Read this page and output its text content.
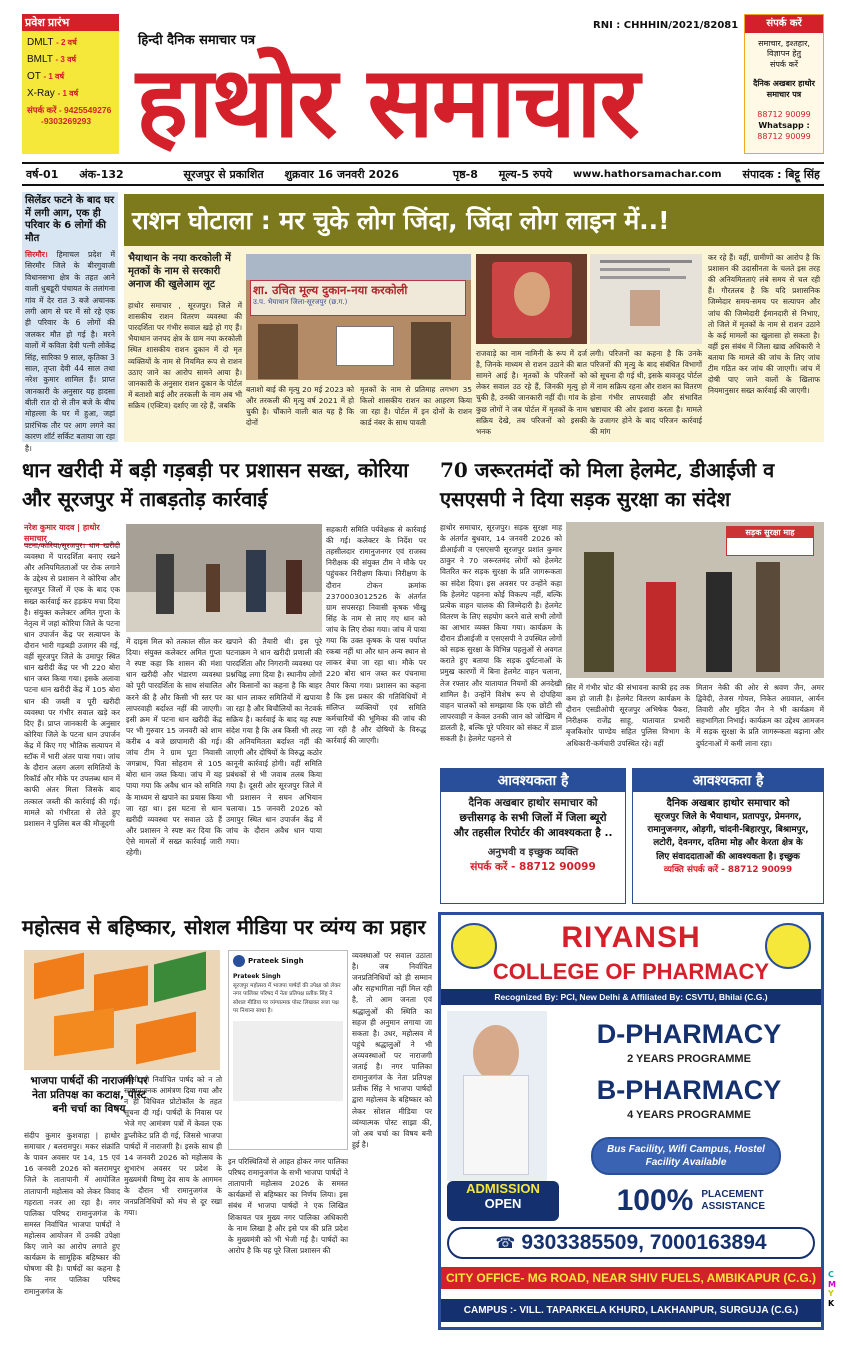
प्रवेश प्रारंभ
DMLT - 2 वर्ष
BMLT - 3 वर्ष
OT - 1 वर्ष
X-Ray - 1 वर्ष
संपर्क करें - 9425549276
-9303269293
हिन्दी दैनिक समाचार पत्र
RNI : CHHHIN/2021/82081
हाथोर समाचार
संपर्क करें
समाचार, इश्तहार,
विज्ञापन हेतु
संपर्क करें
दैनिक अखबार हाथोर
समाचार पत्र
88712 90099
Whatsapp :
88712 90099
वर्ष-01 अंक-132	सूरजपुर से प्रकाशित शुक्रवार 16 जनवरी 2026	पृष्ठ-8 मूल्य-5 रुपये www.hathorsamachar.com संपादक : बिट्टू सिंह
सिलेंडर फटने के बाद घर में लगी आग, एक ही परिवार के 6 लोगों की मौत
सिरमौर। हिमाचल प्रदेश में सिरमौर जिले के बीरगुवाजी विधानसभा क्षेत्र के तहत आने वाली धुबडूरी पंचायत के तलांगना गांव में देर रात 3 बजे अचानक लगी आग से घर में सो रहे एक ही परिवार के 6 लोगों की जलकर मौत हो गई है। मरने वालों में कविता देवी पत्नी लोकेंद्र सिंह, सारिका 9 साल, कृतिका 3 साल, तृप्ता देवी 44 साल तथा नरेश कुमार शामिल हैं। प्राप्त जानकारी के अनुसार यह हादसा बीती रात दो से तीन बजे के बीच मोहल्ला के घर में हुआ, जहां प्रारंभिक तौर पर आग लगने का कारण शॉर्ट सर्किट बताया जा रहा है।
राशन घोटाला : मर चुके लोग जिंदा, जिंदा लोग लाइन में..!
भैयाथान के नया करकोली में मृतकों के नाम से सरकारी अनाज की खुलेआम लूट	शा. उचित मूल्य दुकान-नया करकोली
उ.प. भैयाथान जिला-सूरजपुर (छ.ग.)
हाथोर समाचार , सूरजपुर। जिले में शासकीय राशन वितरण व्यवस्था की पारदर्शिता पर गंभीर सवाल खड़े हो गए हैं। भैयाथान जनपद क्षेत्र के ग्राम नया करकोली स्थित शासकीय राशन दुकान में दो मृत व्यक्तियों के नाम से नियमित रूप से राशन उठाए जाने का आरोप सामने आया है। जानकारी के अनुसार राशन दुकान के पोर्टल में बताशो बाई और तरकली के नाम अब भी सक्रिय (एक्टिव) दर्शाए जा रहे हैं, जबकि
बताशो बाई की मृत्यु 20 मई 2023 को और तरकली की मृत्यु वर्ष 2021 में हो चुकी है। चौंकाने वाली बात यह है कि दोनों
मृतकों के नाम से प्रतिमाह लगभग 35 किलो शासकीय राशन का आहरण किया जा रहा है। पोर्टल में इन दोनों के राशन कार्ड नंबर के साथ पावती
राजवाड़े का नाम नामिनी के रूप में दर्ज है, जिनके माध्यम से राशन उठाने की बात सामने आई है। मृतकों के परिजनों को लेकर सवाल उठ रहे हैं, जिनकी मृत्यु हो चुकी है, उनकी जानकारी नहीं दी। गांव के कुछ लोगों ने जब पोर्टल में मृतकों के नाम सक्रिय देखे, तब परिजनों को इसकी भनक
लगी। परिजनों का कहना है कि उनके परिजनों की मृत्यु के बाद संबंधित विभागों को सूचना दी गई थी, इसके बावजूद पोर्टल में नाम सक्रिय रहना और राशन का वितरण होना गंभीर लापरवाही और संभावित भ्रष्टाचार की ओर इशारा करता है। मामले के उजागर होने के बाद परिजन कार्रवाई की मांग
कर रहे हैं। वहीं, ग्रामीणों का आरोप है कि प्रशासन की उदासीनता के चलते इस तरह की अनियमितताएं लंबे समय से चल रही हैं। गौरतलब है कि यदि प्रशासनिक जिम्मेदार समय-समय पर सत्यापन और जांच की जिम्मेदारी ईमानदारी से निभाए, तो जिले में मृतकों के नाम से राशन उठाने के कई मामलों का खुलासा हो सकता है। वहीं इस संबंध में जिला खाद्य अधिकारी ने बताया कि मामले की जांच के लिए जांच टीम गठित कर जांच की जाएगी। जांच में दोषी पाए जाने वालों के खिलाफ नियमानुसार सख्त कार्रवाई की जाएगी।
धान खरीदी में बड़ी गड़बड़ी पर प्रशासन सख्त, कोरिया और सूरजपुर में ताबड़तोड़ कार्रवाई
नरेश कुमार यादव | हाथोर समाचार
पटना/कोरिया/सूरजपुर। धान खरीदी व्यवस्था में पारदर्शिता बनाए रखने और अनियमितताओं पर रोक लगाने के उद्देश्य से प्रशासन ने कोरिया और सूरजपुर जिलों में एक के बाद एक सख्त कार्रवाई कर हड़कंप मचा दिया है। संयुक्त कलेक्टर अमित गुप्ता के नेतृत्व में जहां कोरिया जिले के पटना धान उपार्जन केंद्र पर सत्यापन के दौरान भारी गड़बड़ी उजागर की गई, वहीं सूरजपुर जिले के उमापुर स्थित धान खरीदी केंद्र पर भी 220 बोरा धान जब्त किया गया। इसके अलावा पटना धान खरीदी केंद्र में 105 बोरा धान की जब्ती व पूरी खरीदी व्यवस्था पर गंभीर सवाल खड़े कर दिए हैं। प्राप्त जानकारी के अनुसार कोरिया जिले के पटना धान उपार्जन केंद्र में किए गए भौतिक सत्यापन में स्टॉक में भारी अंतर पाया गया। जांच के दौरान अलग अलग समितियों के रिकॉर्ड और मौके पर उपलब्ध धान में काफी अंतर मिला जिसके बाद तत्काल जब्ती की कार्रवाई की गई। मामले को गंभीरता से लेते हुए प्रशासन ने पुलिस बल की मौजूदगी
में दाइस मिल को तत्काल सील कर दिया। संयुक्त कलेक्टर अमित गुप्ता ने स्पष्ट कहा कि शासन की मंशा धान खरीदी और भंडारण व्यवस्था को पूरी पारदर्शिता के साथ संचालित करने की है और किसी भी स्तर पर लापरवाही बर्दाश्त नहीं की जाएगी। इसी क्रम में पटना धान खरीदी केंद्र पर भी गुरुवार 15 जनवरी को शाम करीब 4 बजे छापामारी की गई। जांच टीम ने ग्राम पूटा निवासी जगन्नाथ, पिता सोहराम से 105 बोरा धान जब्त किया। जांच में यह पाया गया कि अवैध धान को समिति के माध्यम से खपाने का प्रयास किया जा रहा था। इस घटना से धान खरीदी व्यवस्था पर सवाल उठे हैं और प्रशासन ने स्पष्ट कर दिया कि ऐसे मामलों में सख्त कार्रवाई जारी रहेगी।
खपाने की तैयारी थी। इस पूरे घटनाक्रम ने धान खरीदी प्रणाली की पारदर्शिता और निगरानी व्यवस्था पर प्रश्नचिह्न लगा दिया है। स्थानीय लोगों और किसानों का कहना है कि बाहर का धान लाकर समितियों में खपाया जा रहा है और बिचौलियों का नेटवर्क सक्रिय है। कार्रवाई के बाद यह स्पष्ट संदेश गया है कि अब किसी भी तरह की अनियमितता बर्दाश्त नहीं की जाएगी और दोषियों के विरुद्ध कठोर कानूनी कार्रवाई होगी। वहीं समिति प्रबंधकों से भी जवाब तलब किया गया है। दूसरी ओर सूरजपुर जिले में भी प्रशासन ने सघन अभियान चलाया। 15 जनवरी 2026 को उमापुर स्थित धान उपार्जन केंद्र में जांच के दौरान अवैध धान पाया गया।
सहकारी समिति पर्यवेक्षक से कार्रवाई की गई। कलेक्टर के निर्देश पर तहसीलदार रामानुजनगर एवं राजस्व निरीक्षक की संयुक्त टीम ने मौके पर पहुंचकर निरीक्षण किया। निरीक्षण के दौरान टोकन क्रमांक 2370003012526 के अंतर्गत ग्राम सपसरहा निवासी कृषक भीखु सिंह के नाम से लाए गए धान को जांच के लिए रोका गया। जांच में पाया गया कि उक्त कृषक के पास पर्याप्त रकबा नहीं था और धान अन्य स्थान से लाकर बेचा जा रहा था। मौके पर 220 बोरा धान जब्त कर पंचनामा तैयार किया गया। प्रशासन का कहना है कि इस प्रकार की गतिविधियों में संलिप्त व्यक्तियों एवं समिति कर्मचारियों की भूमिका की जांच की जा रही है और दोषियों के विरुद्ध कार्रवाई की जाएगी।
70 जरूरतमंदों को मिला हेलमेट, डीआईजी व एसएसपी ने दिया सड़क सुरक्षा का संदेश
हाथोर समाचार, सूरजपुर। सड़क सुरक्षा माह के अंतर्गत बुधवार, 14 जनवरी 2026 को डीआईजी व एसएसपी सूरजपुर प्रशांत कुमार ठाकुर ने 70 जरूरतमंद लोगों को हेलमेट वितरित कर सड़क सुरक्षा के प्रति जागरूकता का संदेश दिया। इस अवसर पर उन्होंने कहा कि हेलमेट पहनना कोई विकल्प नहीं, बल्कि प्रत्येक वाहन चालक की जिम्मेदारी है। हेलमेट वितरण के लिए सहयोग करने वाले सभी लोगों का आभार व्यक्त किया गया। कार्यक्रम के दौरान डीआईजी व एसएसपी ने उपस्थित लोगों को सड़क सुरक्षा के विभिन्न पहलुओं से अवगत कराते हुए बताया कि सड़क दुर्घटनाओं के प्रमुख कारणों में बिना हेलमेट वाहन चलाना, तेज रफ्तार और यातायात नियमों की अनदेखी शामिल है। उन्होंने विशेष रूप से दोपहिया वाहन चालकों को समझाया कि एक छोटी सी लापरवाही न केवल उनकी जान को जोखिम में डालती है, बल्कि पूरे परिवार को संकट में डाल सकती है। हेलमेट पहनने से
सड़क सुरक्षा माह
सिर में गंभीर चोट की संभावना काफी हद तक कम हो जाती है। हेलमेट वितरण कार्यक्रम के दौरान एसडीओपी सूरजपुर अभिषेक पैकरा, निरीक्षक राजेंद्र साहू, यातायात प्रभारी बृजकिशोर पाण्डेय सहित पुलिस विभाग के अधिकारी-कर्मचारी उपस्थित रहे। वहीं
मितान नेकी की ओर से श्रवण जैन, अमर द्विवेदी, तेजस गोयल, निकेत अग्रवाल, आर्यन तिवारी और मुदित जैन ने भी कार्यक्रम में सहभागिता निभाई। कार्यक्रम का उद्देश्य आमजन में सड़क सुरक्षा के प्रति जागरूकता बढ़ाना और दुर्घटनाओं में कमी लाना रहा।
आवश्यकता है
दैनिक अखबार हाथोर समाचार को
छत्तीसगढ़ के सभी जिलों में जिला ब्यूरो
और तहसील रिपोर्टर की आवश्यकता है ..
अनुभवी व इच्छुक व्यक्ति
संपर्क करें - 88712 90099
आवश्यकता है
दैनिक अखबार हाथोर समाचार को
सूरजपुर जिले के भैयाथान, प्रतापपुर, प्रेमनगर,
रामानुजनगर, ओड़गी, चांदनी-बिहारपुर, बिश्रामपुर,
लटोरी, देवनगर, दतिमा मोड़ और केरता क्षेत्र के
लिए संवाददाताओं की आवश्यकता है। इच्छुक
व्यक्ति संपर्क करें - 88712 90099
महोत्सव से बहिष्कार, सोशल मीडिया पर व्यंग्य का प्रहार
भाजपा पार्षदों की नाराजगी पर नेता प्रतिपक्ष का कटाक्ष, पोस्ट बनी चर्चा का विषय
Prateek Singh
Prateek Singh
सूरजपुर महोत्सव में भाजपा पार्षदों की उपेक्षा को लेकर नगर पालिका परिषद में नेता प्रतिपक्ष प्रतीक सिंह ने सोशल मीडिया पर व्यंग्यात्मक पोस्ट लिखकर सत्ता पक्ष पर निशाना साधा है।
संदीप कुमार कुशवाहा | हाथोर समाचार / बलरामपुर। मकर संक्रांति के पावन अवसर पर 14, 15 एवं 16 जनवरी 2026 को बलरामपुर जिले के तातापानी में आयोजित तातापानी महोत्सव को लेकर विवाद गहराता नजर आ रहा है। नगर पालिका परिषद रामानुजगंज के समस्त निर्वाचित भाजपा पार्षदों ने महोत्सव आयोजन में उनकी उपेक्षा किए जाने का आरोप लगाते हुए कार्यक्रम के सामूहिक बहिष्कार की घोषणा की है। पार्षदों का कहना है कि नगर पालिका परिषद रामानुजगंज के
किसी भी निर्वाचित पार्षद को न तो सम्मानजनक आमंत्रण दिया गया और न ही विधिवत प्रोटोकॉल के तहत सूचना दी गई। पार्षदों के निवास पर भेजे गए आमंत्रण पत्रों में केवल एक डुप्लीकेट प्रति दी गई, जिससे भाजपा पार्षदों में नाराजगी है। इसके साथ ही 14 जनवरी 2026 को महोत्सव के शुभारंभ अवसर पर प्रदेश के मुख्यमंत्री विष्णु देव साय के आगमन के दौरान भी रामानुजगंज के जनप्रतिनिधियों को मंच से दूर रखा गया।
इन परिस्थितियों से आहत होकर नगर पालिका परिषद रामानुजगंज के सभी भाजपा पार्षदों ने तातापानी महोत्सव 2026 के समस्त कार्यक्रमों से बहिष्कार का निर्णय लिया। इस संबंध में भाजपा पार्षदों ने एक लिखित शिकायत पत्र मुख्य नगर पालिका अधिकारी के नाम लिखा है और इसे पत्र की प्रति प्रदेश के मुख्यमंत्री को भी भेजी गई है। पार्षदों का आरोप है कि यह पूरे जिला प्रशासन की
व्यवस्थाओं पर सवाल उठाता है। जब निर्वाचित जनप्रतिनिधियों को ही सम्मान और सहभागिता नहीं मिल रही है, तो आम जनता एवं श्रद्धालुओं की स्थिति का सहज ही अनुमान लगाया जा सकता है। उधर, महोत्सव में पहुंचे श्रद्धालुओं ने भी अव्यवस्थाओं पर नाराजगी जताई है। नगर पालिका रामानुजगंज के नेता प्रतिपक्ष प्रतीक सिंह ने भाजपा पार्षदों द्वारा महोत्सव के बहिष्कार को लेकर सोशल मीडिया पर व्यंग्यात्मक पोस्ट साझा की, जो अब चर्चा का विषय बनी हुई है।
RIYANSH
COLLEGE OF PHARMACY
Recognized By: PCI, New Delhi & Affiliated By: CSVTU, Bhilai (C.G.)
D-PHARMACY
2 YEARS PROGRAMME
B-PHARMACY
4 YEARS PROGRAMME
Bus Facility, Wifi Campus, Hostel Facility Available
ADMISSION
OPEN	100% PLACEMENT ASSISTANCE
☎ 9303385509, 7000163894
CITY OFFICE- MG ROAD, NEAR SHIV FUELS, AMBIKAPUR (C.G.)
CAMPUS :- VILL. TAPARKELA KHURD, LAKHANPUR, SURGUJA (C.G.)
C
M
Y
K
